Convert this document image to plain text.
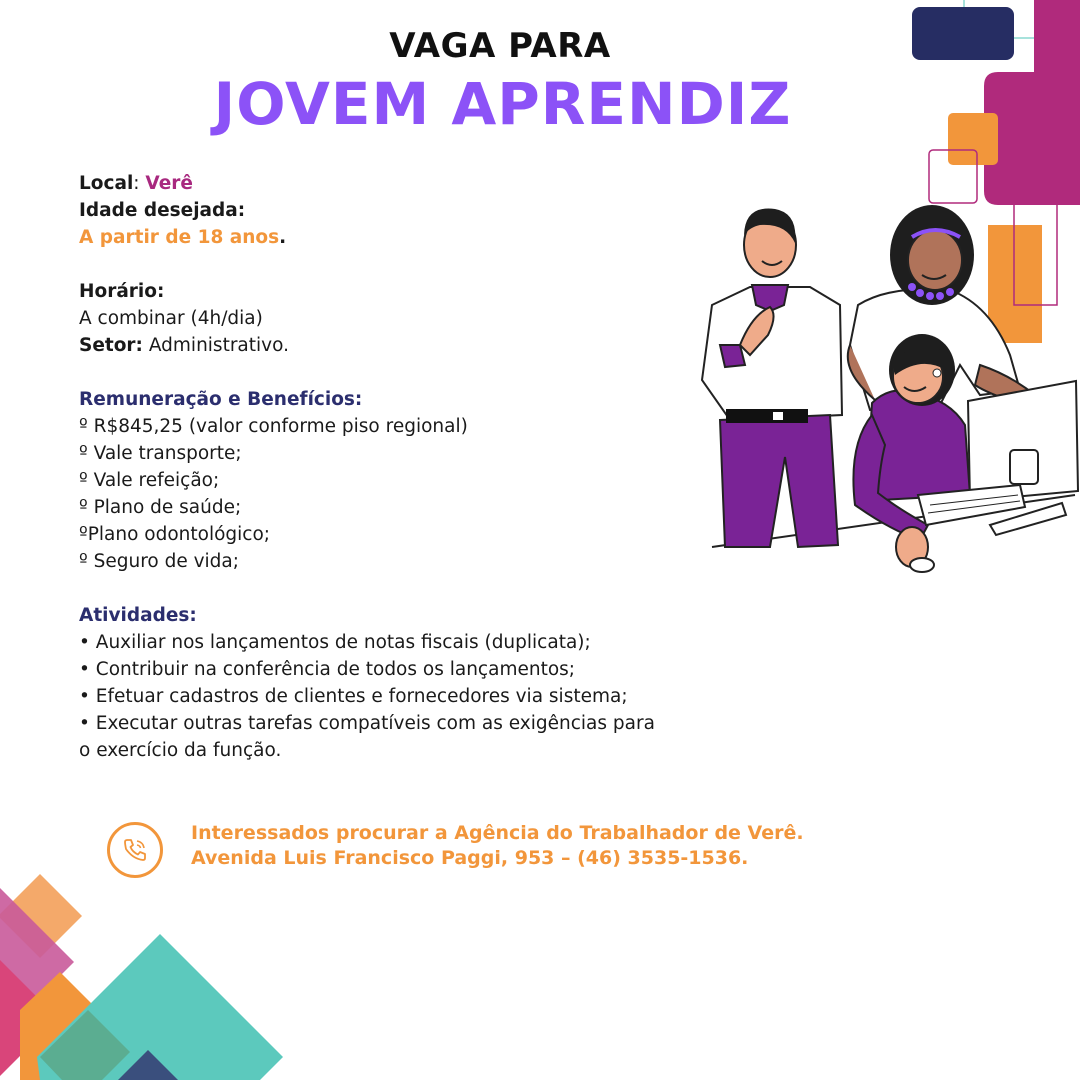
VAGA PARA
JOVEM APRENDIZ
Local: Verê
Idade desejada:
A partir de 18 anos.
Horário:
A combinar (4h/dia)
Setor: Administrativo.
Remuneração e Benefícios:
º R$845,25 (valor conforme piso regional)
º Vale transporte;
º Vale refeição;
º Plano de saúde;
ºPlano odontológico;
º Seguro de vida;
Atividades:
• Auxiliar nos lançamentos de notas fiscais (duplicata);
• Contribuir na conferência de todos os lançamentos;
• Efetuar cadastros de clientes e fornecedores via sistema;
• Executar outras tarefas compatíveis com as exigências para
o exercício da função.
Interessados procurar a Agência do Trabalhador de Verê.
Avenida Luis Francisco Paggi, 953 – (46) 3535-1536.
